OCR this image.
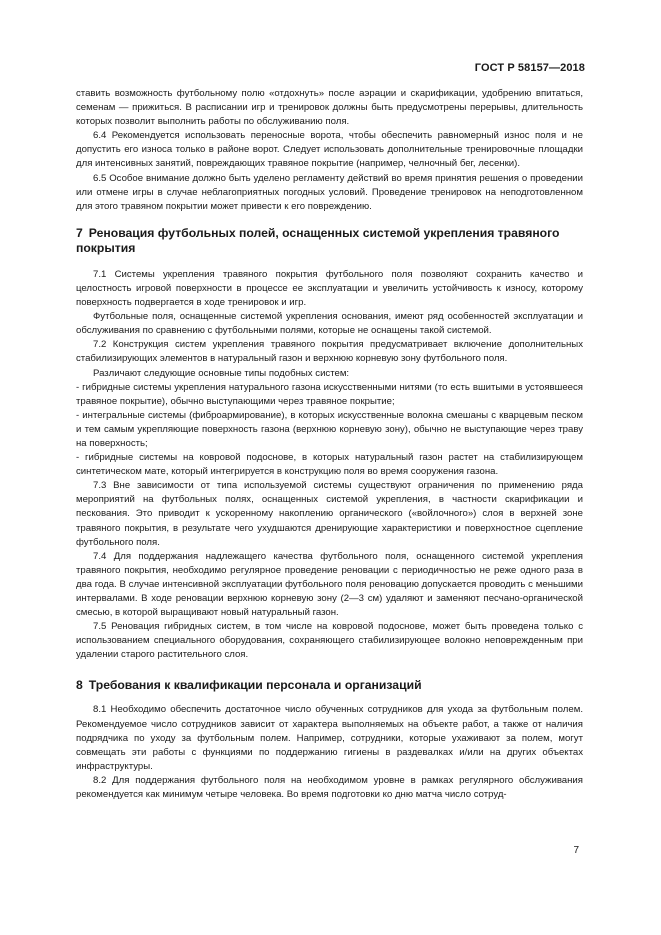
ГОСТ Р 58157—2018

ставить возможность футбольному полю «отдохнуть» после аэрации и скарификации, удобрению впитаться, семенам — прижиться. В расписании игр и тренировок должны быть предусмотрены перерывы, длительность которых позволит выполнить работы по обслуживанию поля.

6.4 Рекомендуется использовать переносные ворота, чтобы обеспечить равномерный износ поля и не допустить его износа только в районе ворот. Следует использовать дополнительные тренировочные площадки для интенсивных занятий, повреждающих травяное покрытие (например, челночный бег, лесенки).

6.5 Особое внимание должно быть уделено регламенту действий во время принятия решения о проведении или отмене игры в случае неблагоприятных погодных условий. Проведение тренировок на неподготовленном для этого травяном покрытии может привести к его повреждению.

7 Реновация футбольных полей, оснащенных системой укрепления травяного покрытия

7.1 Системы укрепления травяного покрытия футбольного поля позволяют сохранить качество и целостность игровой поверхности в процессе ее эксплуатации и увеличить устойчивость к износу, которому поверхность подвергается в ходе тренировок и игр.

Футбольные поля, оснащенные системой укрепления основания, имеют ряд особенностей эксплуатации и обслуживания по сравнению с футбольными полями, которые не оснащены такой системой.

7.2 Конструкция систем укрепления травяного покрытия предусматривает включение дополнительных стабилизирующих элементов в натуральный газон и верхнюю корневую зону футбольного поля.

Различают следующие основные типы подобных систем:

- гибридные системы укрепления натурального газона искусственными нитями (то есть вшитыми в устоявшееся травяное покрытие), обычно выступающими через травяное покрытие;

- интегральные системы (фиброармирование), в которых искусственные волокна смешаны с кварцевым песком и тем самым укрепляющие поверхность газона (верхнюю корневую зону), обычно не выступающие через траву на поверхность;

- гибридные системы на ковровой подоснове, в которых натуральный газон растет на стабилизирующем синтетическом мате, который интегрируется в конструкцию поля во время сооружения газона.

7.3 Вне зависимости от типа используемой системы существуют ограничения по применению ряда мероприятий на футбольных полях, оснащенных системой укрепления, в частности скарификации и пескования. Это приводит к ускоренному накоплению органического («войлочного») слоя в верхней зоне травяного покрытия, в результате чего ухудшаются дренирующие характеристики и поверхностное сцепление футбольного поля.

7.4 Для поддержания надлежащего качества футбольного поля, оснащенного системой укрепления травяного покрытия, необходимо регулярное проведение реновации с периодичностью не реже одного раза в два года. В случае интенсивной эксплуатации футбольного поля реновацию допускается проводить с меньшими интервалами. В ходе реновации верхнюю корневую зону (2—3 см) удаляют и заменяют песчано-органической смесью, в которой выращивают новый натуральный газон.

7.5 Реновация гибридных систем, в том числе на ковровой подоснове, может быть проведена только с использованием специального оборудования, сохраняющего стабилизирующее волокно неповрежденным при удалении старого растительного слоя.

8 Требования к квалификации персонала и организаций

8.1 Необходимо обеспечить достаточное число обученных сотрудников для ухода за футбольным полем. Рекомендуемое число сотрудников зависит от характера выполняемых на объекте работ, а также от наличия подрядчика по уходу за футбольным полем. Например, сотрудники, которые ухаживают за полем, могут совмещать эти работы с функциями по поддержанию гигиены в раздевалках и/или на других объектах инфраструктуры.

8.2 Для поддержания футбольного поля на необходимом уровне в рамках регулярного обслуживания рекомендуется как минимум четыре человека. Во время подготовки ко дню матча число сотруд-

7
